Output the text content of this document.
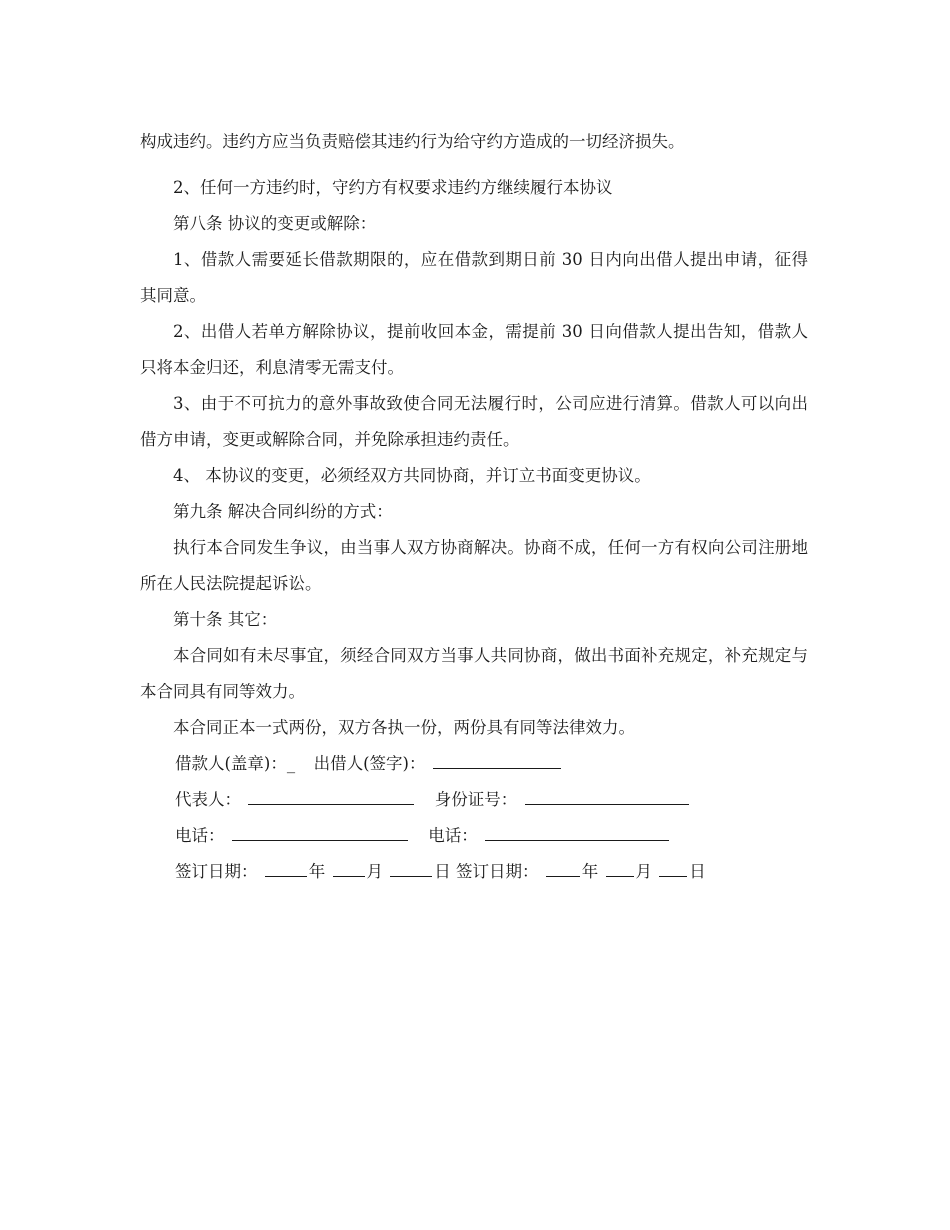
构成违约。违约方应当负责赔偿其违约行为给守约方造成的一切经济损失。

2、任何一方违约时，守约方有权要求违约方继续履行本协议

第八条 协议的变更或解除：

1、借款人需要延长借款期限的，应在借款到期日前 30 日内向出借人提出申请，征得其同意。

2、出借人若单方解除协议，提前收回本金，需提前 30 日向借款人提出告知，借款人只将本金归还，利息清零无需支付。

3、由于不可抗力的意外事故致使合同无法履行时，公司应进行清算。借款人可以向出借方申请，变更或解除合同，并免除承担违约责任。

4、 本协议的变更，必须经双方共同协商，并订立书面变更协议。

第九条 解决合同纠纷的方式：

执行本合同发生争议，由当事人双方协商解决。协商不成，任何一方有权向公司注册地所在人民法院提起诉讼。

第十条 其它：

本合同如有未尽事宜，须经合同双方当事人共同协商，做出书面补充规定，补充规定与本合同具有同等效力。

本合同正本一式两份，双方各执一份，两份具有同等法律效力。

借款人(盖章)：_ 出借人(签字)：
代表人：	身份证号：
电话：	电话：
签订日期：	年	月	日 签订日期：	年 月 日
